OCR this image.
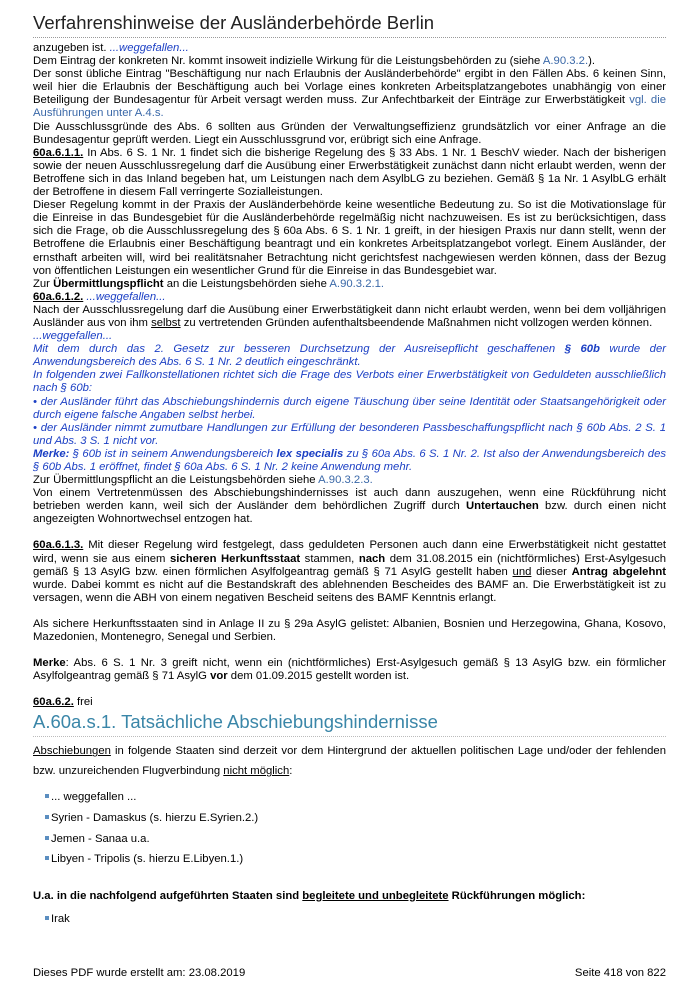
Verfahrenshinweise der Ausländerbehörde Berlin

anzugeben ist. ...weggefallen...

Dem Eintrag der konkreten Nr. kommt insoweit indizielle Wirkung für die Leistungsbehörden zu (siehe A.90.3.2.).

Der sonst übliche Eintrag "Beschäftigung nur nach Erlaubnis der Ausländerbehörde" ergibt in den Fällen Abs. 6 keinen Sinn, weil hier die Erlaubnis der Beschäftigung auch bei Vorlage eines konkreten Arbeitsplatzangebotes unabhängig von einer Beteiligung der Bundesagentur für Arbeit versagt werden muss. Zur Anfechtbarkeit der Einträge zur Erwerbstätigkeit vgl. die Ausführungen unter A.4.s.

Die Ausschlussgründe des Abs. 6 sollten aus Gründen der Verwaltungseffizienz grundsätzlich vor einer Anfrage an die Bundesagentur geprüft werden. Liegt ein Ausschlussgrund vor, erübrigt sich eine Anfrage.

60a.6.1.1. In Abs. 6 S. 1 Nr. 1 findet sich die bisherige Regelung des § 33 Abs. 1 Nr. 1 BeschV wieder. Nach der bisherigen sowie der neuen Ausschlussregelung darf die Ausübung einer Erwerbstätigkeit zunächst dann nicht erlaubt werden, wenn der Betroffene sich in das Inland begeben hat, um Leistungen nach dem AsylbLG zu beziehen. Gemäß § 1a Nr. 1 AsylbLG erhält der Betroffene in diesem Fall verringerte Sozialleistungen.

Dieser Regelung kommt in der Praxis der Ausländerbehörde keine wesentliche Bedeutung zu. So ist die Motivationslage für die Einreise in das Bundesgebiet für die Ausländerbehörde regelmäßig nicht nachzuweisen. Es ist zu berücksichtigen, dass sich die Frage, ob die Ausschlussregelung des § 60a Abs. 6 S. 1 Nr. 1 greift, in der hiesigen Praxis nur dann stellt, wenn der Betroffene die Erlaubnis einer Beschäftigung beantragt und ein konkretes Arbeitsplatzangebot vorlegt. Einem Ausländer, der ernsthaft arbeiten will, wird bei realitätsnaher Betrachtung nicht gerichtsfest nachgewiesen werden können, dass der Bezug von öffentlichen Leistungen ein wesentlicher Grund für die Einreise in das Bundesgebiet war.

Zur Übermittlungspflicht an die Leistungsbehörden siehe A.90.3.2.1.

60a.6.1.2. ...weggefallen...

Nach der Ausschlussregelung darf die Ausübung einer Erwerbstätigkeit dann nicht erlaubt werden, wenn bei dem volljährigen Ausländer aus von ihm selbst zu vertretenden Gründen aufenthaltsbeendende Maßnahmen nicht vollzogen werden können.

...weggefallen...

Mit dem durch das 2. Gesetz zur besseren Durchsetzung der Ausreisepflicht geschaffenen § 60b wurde der Anwendungsbereich des Abs. 6 S. 1 Nr. 2 deutlich eingeschränkt.

In folgenden zwei Fallkonstellationen richtet sich die Frage des Verbots einer Erwerbstätigkeit von Geduldeten ausschließlich nach § 60b:

• der Ausländer führt das Abschiebungshindernis durch eigene Täuschung über seine Identität oder Staatsangehörigkeit oder durch eigene falsche Angaben selbst herbei.

• der Ausländer nimmt zumutbare Handlungen zur Erfüllung der besonderen Passbeschaffungspflicht nach § 60b Abs. 2 S. 1 und Abs. 3 S. 1 nicht vor.

Merke: § 60b ist in seinem Anwendungsbereich lex specialis zu § 60a Abs. 6 S. 1 Nr. 2. Ist also der Anwendungsbereich des § 60b Abs. 1 eröffnet, findet § 60a Abs. 6 S. 1 Nr. 2 keine Anwendung mehr.

Zur Übermittlungspflicht an die Leistungsbehörden siehe A.90.3.2.3.

Von einem Vertretenmüssen des Abschiebungshindernisses ist auch dann auszugehen, wenn eine Rückführung nicht betrieben werden kann, weil sich der Ausländer dem behördlichen Zugriff durch Untertauchen bzw. durch einen nicht angezeigten Wohnortwechsel entzogen hat.

60a.6.1.3. Mit dieser Regelung wird festgelegt, dass geduldeten Personen auch dann eine Erwerbstätigkeit nicht gestattet wird, wenn sie aus einem sicheren Herkunftsstaat stammen, nach dem 31.08.2015 ein (nichtförmliches) Erst-Asylgesuch gemäß § 13 AsylG bzw. einen förmlichen Asylfolgeantrag gemäß § 71 AsylG gestellt haben und dieser Antrag abgelehnt wurde. Dabei kommt es nicht auf die Bestandskraft des ablehnenden Bescheides des BAMF an. Die Erwerbstätigkeit ist zu versagen, wenn die ABH von einem negativen Bescheid seitens des BAMF Kenntnis erlangt.

Als sichere Herkunftsstaaten sind in Anlage II zu § 29a AsylG gelistet: Albanien, Bosnien und Herzegowina, Ghana, Kosovo, Mazedonien, Montenegro, Senegal und Serbien.

Merke: Abs. 6 S. 1 Nr. 3 greift nicht, wenn ein (nichtförmliches) Erst-Asylgesuch gemäß § 13 AsylG bzw. ein förmlicher Asylfolgeantrag gemäß § 71 AsylG vor dem 01.09.2015 gestellt worden ist.

60a.6.2. frei

A.60a.s.1. Tatsächliche Abschiebungshindernisse

Abschiebungen in folgende Staaten sind derzeit vor dem Hintergrund der aktuellen politischen Lage und/oder der fehlenden bzw. unzureichenden Flugverbindung nicht möglich:

... weggefallen ...
Syrien - Damaskus (s. hierzu E.Syrien.2.)
Jemen - Sanaa u.a.
Libyen - Tripolis (s. hierzu E.Libyen.1.)

U.a. in die nachfolgend aufgeführten Staaten sind begleitete und unbegleitete Rückführungen möglich:

Irak
Dieses PDF wurde erstellt am: 23.08.2019	Seite 418 von 822
